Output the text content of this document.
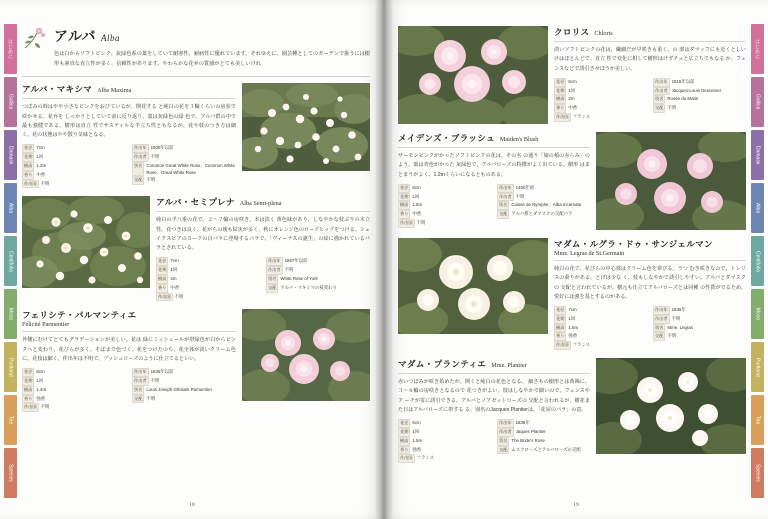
はじめに
Gallica
Damask
Alba
Centifolia
Moss
Portland
Tea
Species
アルバ Alba
色は白からソフトピンク、灰緑色系の葉をしていて耐寒性、耐病性に優れています。それゆえに、園芸種としてのガーデンで扱うには樹形も素直な直立性が多く、信頼性があります。やわらかな花弁の質感がとても美しいけれ
アルバ・マキシマ Alba Maxima
つぼみの時はやや小さなピンクをおびているが、開花する と純白の花を３輪くらいの房状で咲かせる。花弁を しっかりとしていて前に反り返り、葉は灰緑色の緑 色で、アルバ群の中で最も強健である。樹形は直立 性でサスティルな半立ち性ともなるが、花や枝のつき方は細く、花の状態はやや散り気味となる。
花径 7cm
花期 1回
樹高 1.2m
香り 中香
作出国 不明
作出年 1500年以前
作出者 不明
別名 Common Great White Rose、Common White Rose、Great White Rose
交配 不明
アルバ・セミプレナ Alba Semi-plena
純白の半八重の花で、２〜７輪の房咲き。本は淡く 黄色味があり、しなやかな枝ぶりの木立性。花つきは良く、花がらの後も結実が多く、秋にオレンジ色のローズヒップをつける。シェイクスピアのヨークの白バラに登場するバラで、「ヴィーナスの誕生」の絵に描かれているバラとされている。
花径 7cm
花期 1回
樹高 2m
香り 中香
作出国 不明
作出年 1867年以前
作出者 不明
別名 White Rose of York
交配 アルバ・マキシマの枝変わり
フェリシテ・パルマンティエ
Félicité Parmentier
外側にむけてとてもグラデーションが美しい。花は 緑にミッシュールが帯緑色が白からピンクへと変わり、花びらが多く、そばまで色づく。花をつけたのち、花全体が淡いクリーム色に。花枝は細く、作出年は不明で、ブッシュローズのように仕立てるといい。
花径 6cm
花期 1回
樹高 1.4m
香り 強香
作出国 不明
作出年 1836年以前
作出者 不明
別名 Louis Joseph Ghislain Parmentier
交配 不明
18
はじめに
Gallica
Damask
Alba
Centifolia
Moss
Portland
Tea
Species
クロリス Chloris
淡いソフトピンクの花は、繊細だが早咲きも重く、の 部はダマッフにも近くとしいけはほとんどで、直立 性で変化に相して樹形はけずチュと広立ちでもなる か、フェンスなどで誘引させほうが美しい。
花径 6cm
花期 1回
樹高 2m
香り 中香
作出国 フランス
作出年 1815年以前
作出者 Jacques-Louis Descemet
別名 Rosée du Matin
交配 不明
メイデンズ・ブラッシュ Maiden's Blush
サーモンピンクがかったソフトピンクの花は、その名 の通り「娘の頬の赤らみ」のよう。葉は青色がかった 灰緑色で、アルバローズの特徴がよく出ている。樹形 はまとまりがよく、1.2mくらいになるとものある。
花径 6cm
花期 1回
樹高 1.5m
香り 中香
作出国 不明
作出年 1400年頃
作出者 不明
別名 Cuisse de Nymphe、Alba Incarnata
交配 アルバ系とダマスクの交配バラ
マダム・ルグラ・ドゥ・サンジェルマン
Mme. Legras de St.Germain
純白の花で、花びらの中心部はクリーム色を帯びる。うつ むき咲きなので、トレリスの乗りがある。とげは少な く、枝もしなやかで誘引しやすい。アルバとダマスクの 交配と言われているが、樹元も仕立てアルバローズとは同種 の性質がでるため、愛好には強を基とするのがある。
花径 7cm
花期 1回
樹高 1.5m
香り 強香
作出国 フランス
作出年 1846年
作出者 不明
別名 Mme. Legras
交配 不明
マダム・プランティエ Mme. Plantier
赤いつぼみが咲き始めたが、開くと純白の花色となる。 細さもの樹形とは黄褐に、３〜６輪の房咲きとなるので 花つきがよい。枝はしなやかで細いので、フェンスやア ーチが寄に誘引できる。アルバとノアゼットローズの 交配と言われるが、樹花また日はアルバローズに帯する る。別名のJacques Plantierは、「花屋のバラ」の意。
花径 6cm
花期 1回
樹高 1.5m
香り 強香
作出国 フランス
作出年 1835年
作出者 Jaques Plantier
別名 The Bride's Rose
交配 ムスクローズとアルバローズの交配
19
